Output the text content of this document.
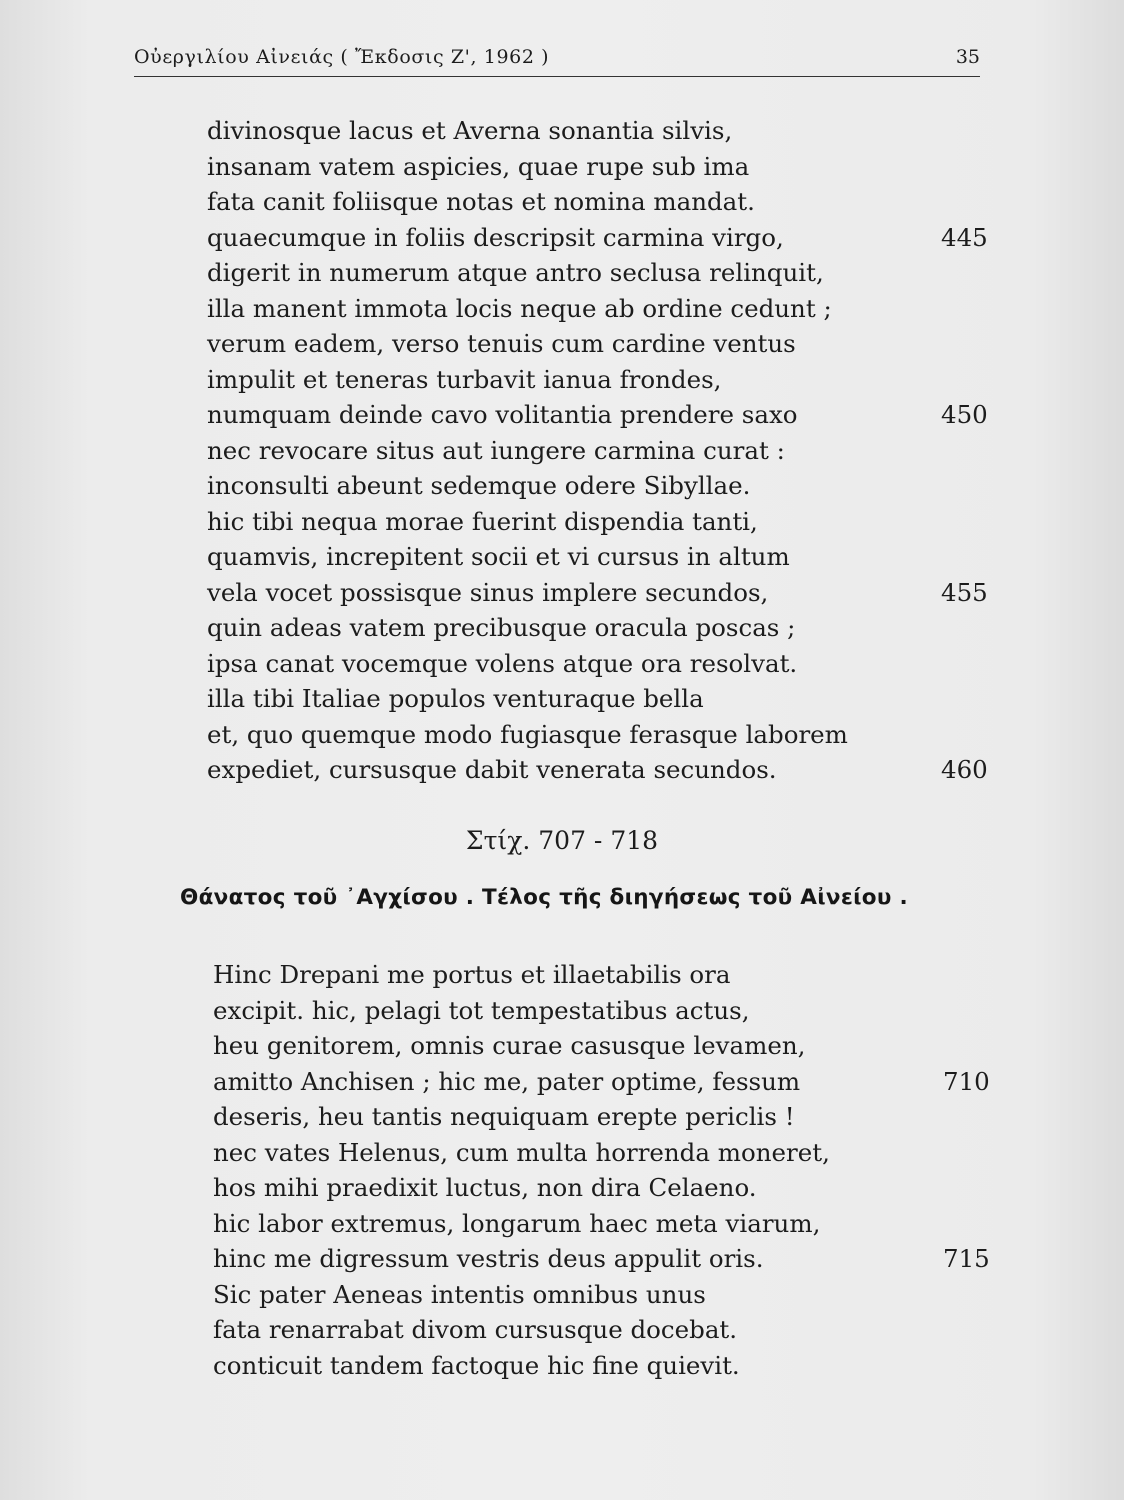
Οὐεργιλίου Αἰνειάς ( Ἔκδοσις Ζ', 1962 )	35
divinosque lacus et Averna sonantia silvis,
insanam vatem aspicies, quae rupe sub ima
fata canit foliisque notas et nomina mandat.
quaecumque in foliis descripsit carmina virgo,	445
digerit in numerum atque antro seclusa relinquit,
illa manent immota locis neque ab ordine cedunt ;
verum eadem, verso tenuis cum cardine ventus
impulit et teneras turbavit ianua frondes,
numquam deinde cavo volitantia prendere saxo	450
nec revocare situs aut iungere carmina curat :
inconsulti abeunt sedemque odere Sibyllae.
hic tibi nequa morae fuerint dispendia tanti,
quamvis, increpitent socii et vi cursus in altum
vela vocet possisque sinus implere secundos,	455
quin adeas vatem precibusque oracula poscas ;
ipsa canat vocemque volens atque ora resolvat.
illa tibi Italiae populos venturaque bella
et, quo quemque modo fugiasque ferasque laborem
expediet, cursusque dabit venerata secundos.	460
Στίχ. 707 - 718
Θάνατος τοῦ ᾿Αγχίσου . Τέλος τῆς διηγήσεως τοῦ Αἰνείου .
Hinc Drepani me portus et illaetabilis ora
excipit. hic, pelagi tot tempestatibus actus,
heu genitorem, omnis curae casusque levamen,
amitto Anchisen ; hic me, pater optime, fessum	710
deseris, heu tantis nequiquam erepte periclis !
nec vates Helenus, cum multa horrenda moneret,
hos mihi praedixit luctus, non dira Celaeno.
hic labor extremus, longarum haec meta viarum,
hinc me digressum vestris deus appulit oris.	715
Sic pater Aeneas intentis omnibus unus
fata renarrabat divom cursusque docebat.
conticuit tandem factoque hic fine quievit.
